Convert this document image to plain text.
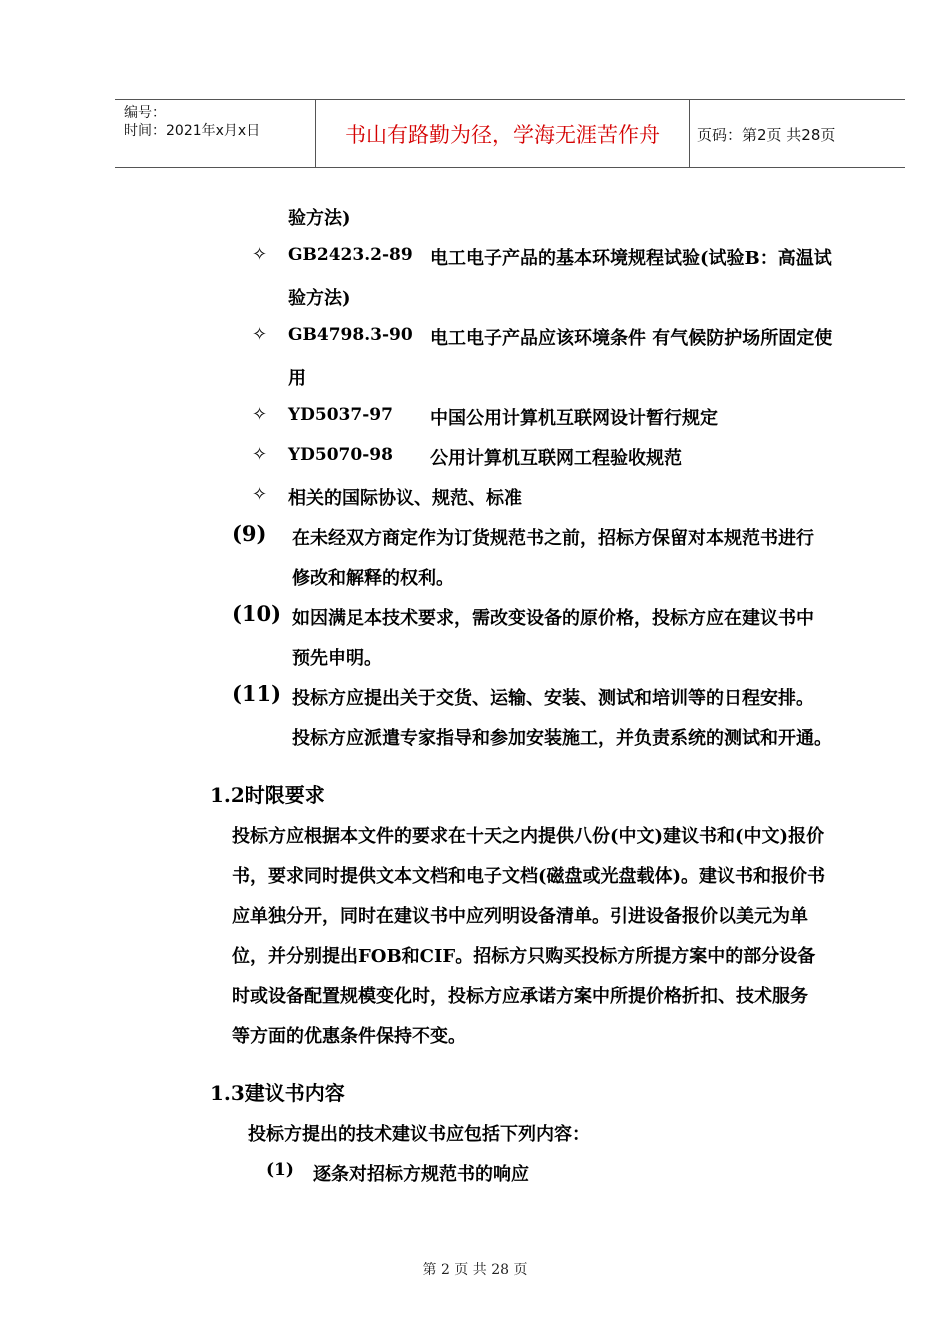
编号：
时间：2021年x月x日	书山有路勤为径，学海无涯苦作舟	页码：第2页 共28页
验方法)
✧ GB2423.2-89 电工电子产品的基本环境规程试验(试验B：高温试
验方法)
✧ GB4798.3-90 电工电子产品应该环境条件 有气候防护场所固定使
用
✧ YD5037-97 中国公用计算机互联网设计暂行规定
✧ YD5070-98 公用计算机互联网工程验收规范
✧ 相关的国际协议、规范、标准
(9) 在未经双方商定作为订货规范书之前，招标方保留对本规范书进行
修改和解释的权利。
(10) 如因满足本技术要求，需改变设备的原价格，投标方应在建议书中
预先申明。
(11) 投标方应提出关于交货、运输、安装、测试和培训等的日程安排。
投标方应派遣专家指导和参加安装施工，并负责系统的测试和开通。
1.2时限要求
投标方应根据本文件的要求在十天之内提供八份(中文)建议书和(中文)报价
书，要求同时提供文本文档和电子文档(磁盘或光盘载体)。建议书和报价书
应单独分开，同时在建议书中应列明设备清单。引进设备报价以美元为单
位，并分别提出FOB和CIF。招标方只购买投标方所提方案中的部分设备
时或设备配置规模变化时，投标方应承诺方案中所提价格折扣、技术服务
等方面的优惠条件保持不变。
1.3建议书内容
投标方提出的技术建议书应包括下列内容：
(1) 逐条对招标方规范书的响应
第 2 页 共 28 页
